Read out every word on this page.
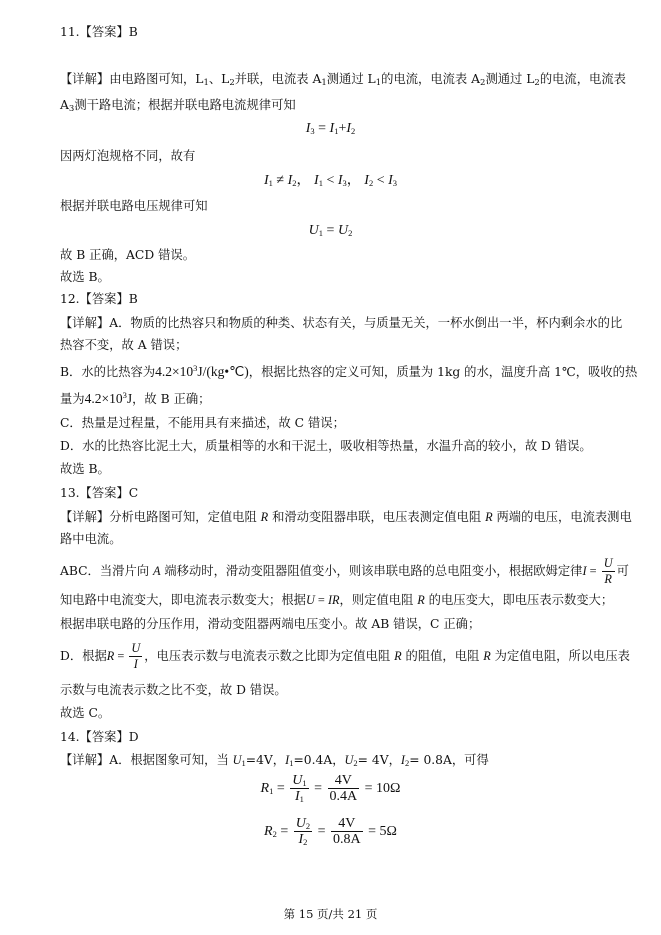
11.【答案】B
【详解】由电路图可知，$L_1$、$L_2$并联，电流表 $A_1$测通过 $L_1$的电流，电流表 $A_2$测通过 $L_2$的电流，电流表
$A_3$测干路电流；根据并联电路电流规律可知
$I_3 = I_1+I_2$
因两灯泡规格不同，故有
$I_1 \ne I_2$， $I_1 < I_3$， $I_2 < I_3$
根据并联电路电压规律可知
$U_1 = U_2$
故 B 正确，ACD 错误。
故选 B。
12.【答案】B
【详解】A．物质的比热容只和物质的种类、状态有关，与质量无关，一杯水倒出一半，杯内剩余水的比
热容不变，故 A 错误；
B．水的比热容为$4.2\times 10^3J/(kg•℃)$，根据比热容的定义可知，质量为 1kg 的水，温度升高 1℃，吸收的热
量为$4.2\times 10^3J$，故 B 正确；
C．热量是过程量，不能用具有来描述，故 C 错误；
D．水的比热容比泥土大，质量相等的水和干泥土，吸收相等热量，水温升高的较小，故 D 错误。
故选 B。
13.【答案】C
【详解】分析电路图可知，定值电阻 R 和滑动变阻器串联，电压表测定值电阻 R 两端的电压，电流表测电
路中电流。
ABC．当滑片向 A 端移动时，滑动变阻器阻值变小，则该串联电路的总电阻变小，根据欧姆定律$I = \frac{U}{R}$ 可
知电路中电流变大，即电流表示数变大；根据U = IR，则定值电阻 R 的电压变大，即电压表示数变大；
根据串联电路的分压作用，滑动变阻器两端电压变小。故 AB 错误，C 正确；
D．根据$R = \frac{U}{I}$ ，电压表示数与电流表示数之比即为定值电阻 R 的阻值，电阻 R 为定值电阻，所以电压表
示数与电流表示数之比不变，故 D 错误。
故选 C。
14.【答案】D
【详解】A．根据图象可知，当 $U_1=4V$，$I_1=0.4A$，$U_2= 4V$，$I_2= 0.8A$，可得
$R_1 = \frac{U_1}{I_1} = \frac{4V}{0.4A} = 10\Omega$
$R_2 = \frac{U_2}{I_2} = \frac{4V}{0.8A} = 5\Omega$
第 15 页/共 21 页
